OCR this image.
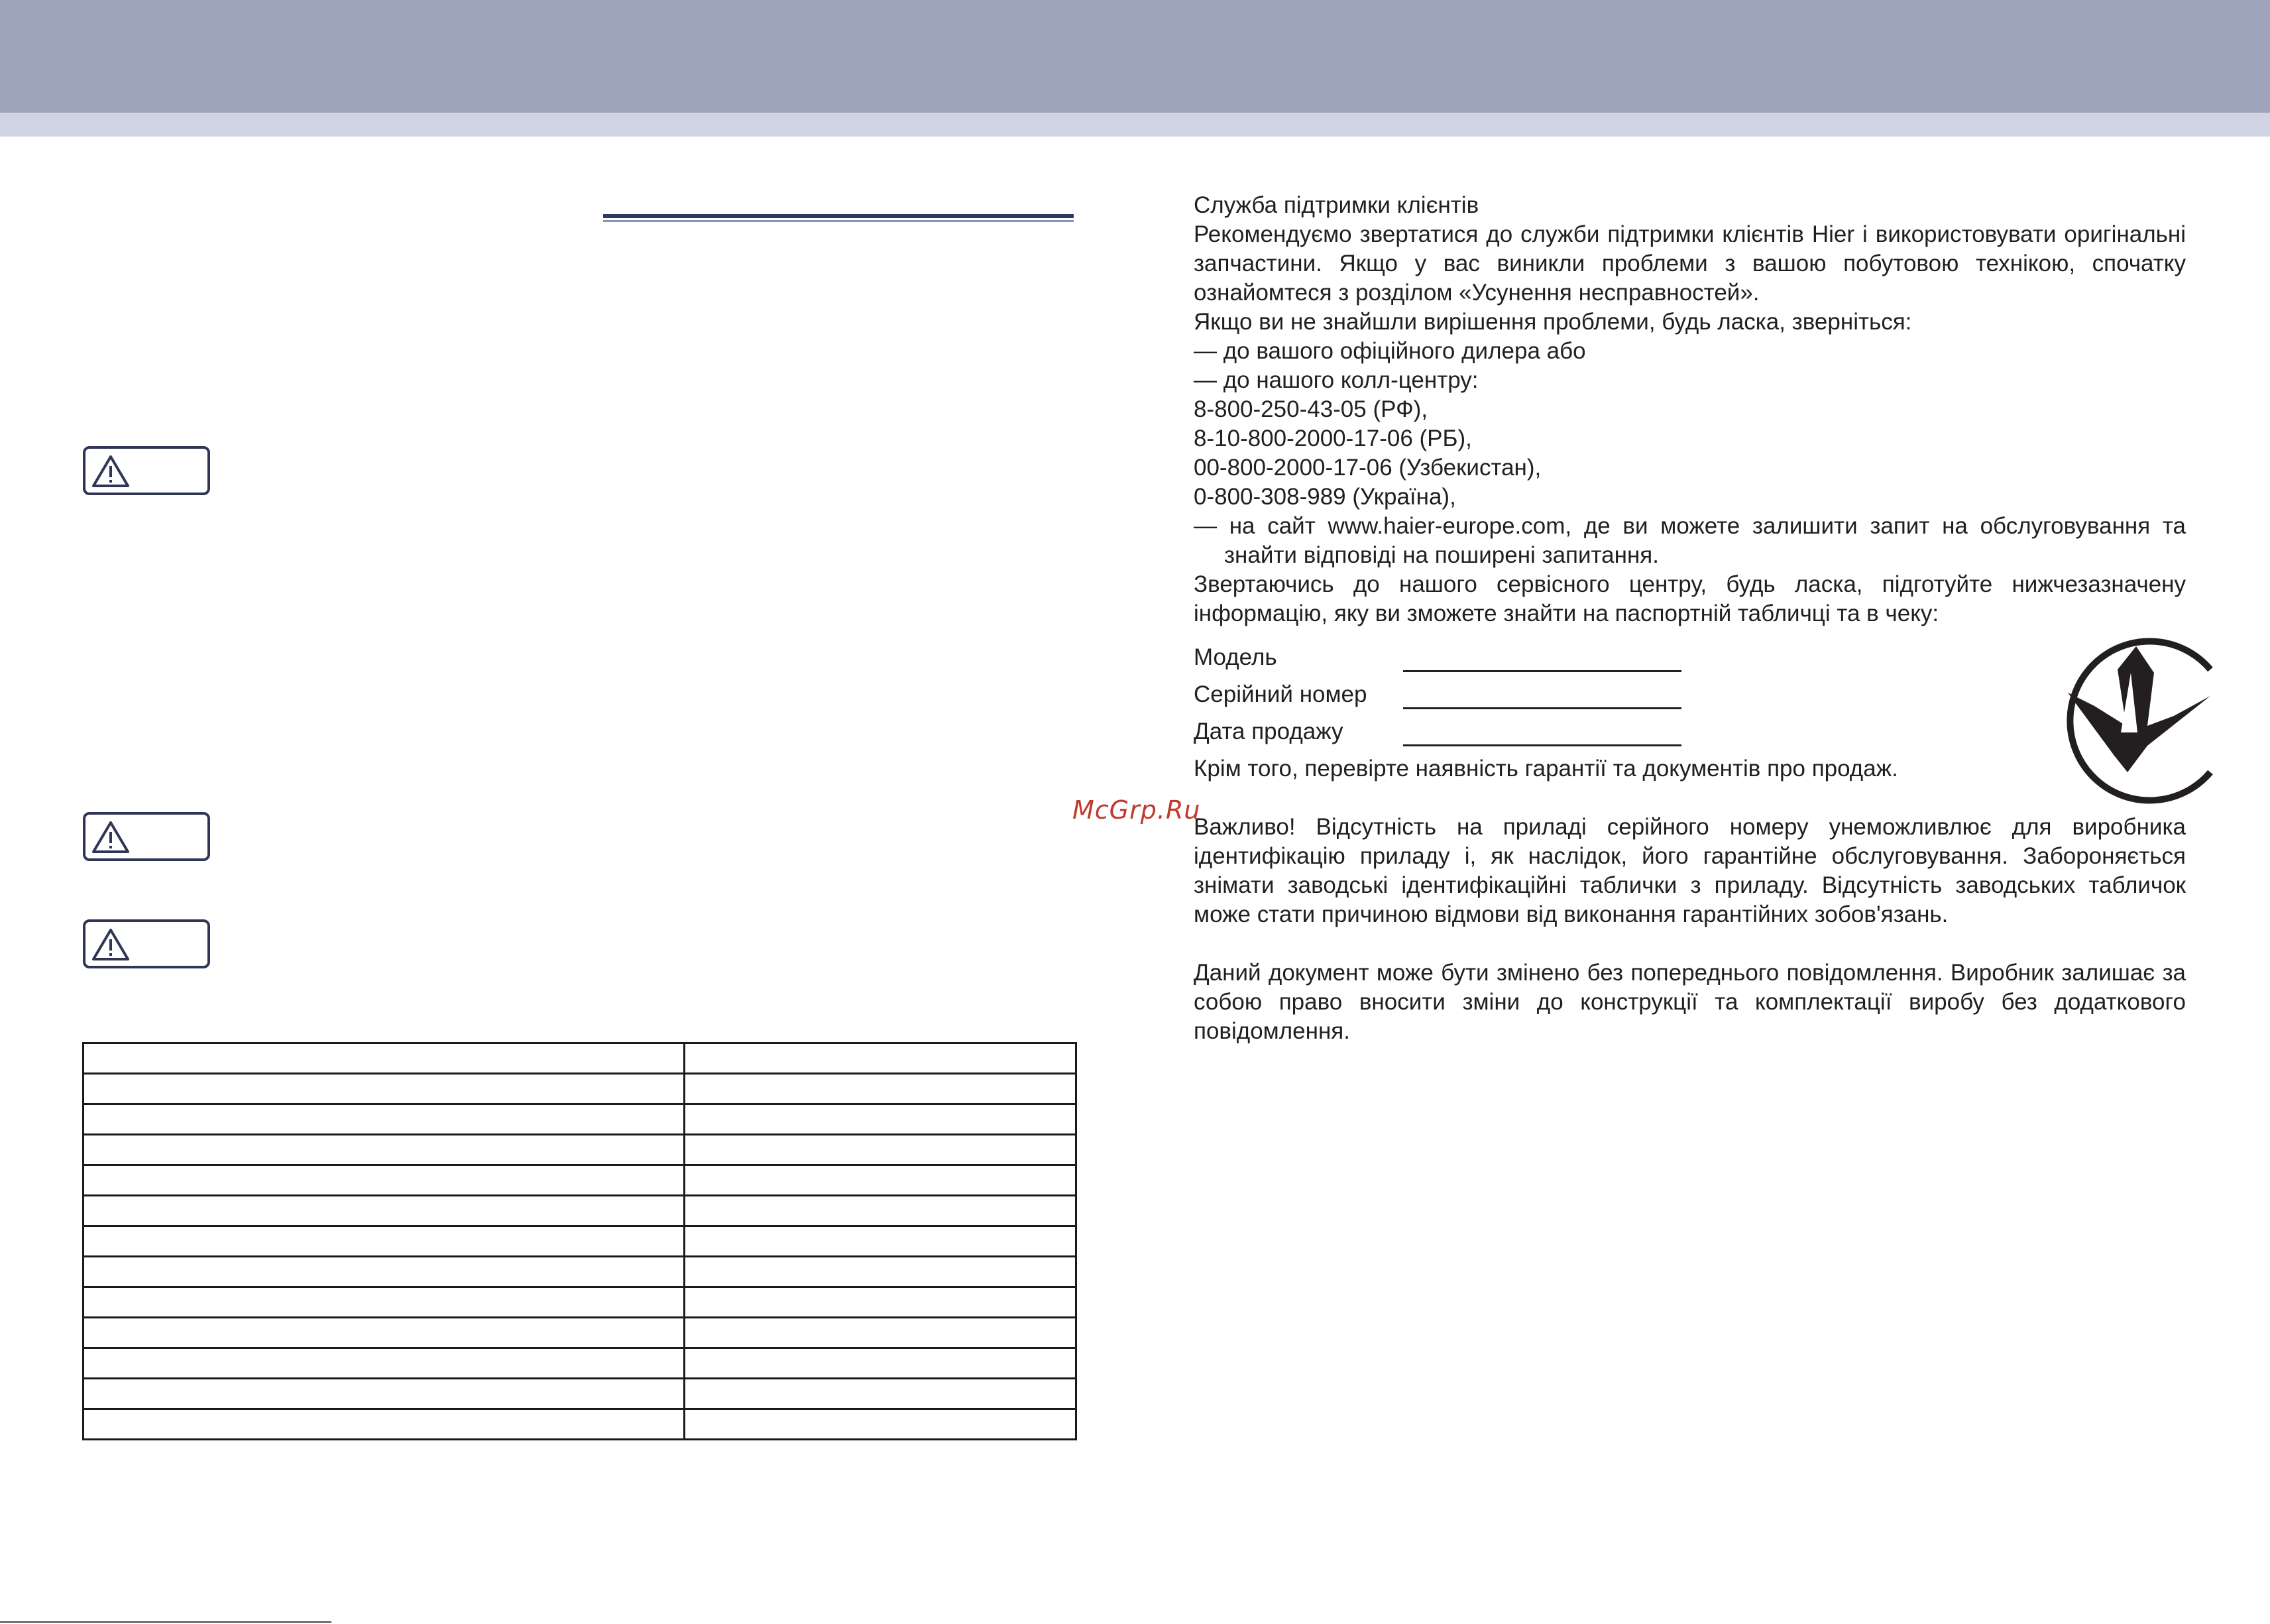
Служба підтримки клієнтів

Рекомендуємо звертатися до служби підтримки клієнтів Hier і використовувати оригінальні запчастини. Якщо у вас виникли проблеми з вашою побутовою технікою, спочатку ознайомтеся з розділом «Усунення несправностей».

Якщо ви не знайшли вирішення проблеми, будь ласка, зверніться:

— до вашого офіційного дилера або

— до нашого колл-центру:

8-800-250-43-05 (РФ),

8-10-800-2000-17-06 (РБ),

00-800-2000-17-06 (Узбекистан),

0-800-308-989 (Україна),

— на сайт www.haier-europe.com, де ви можете залишити запит на обслуговування та знайти відповіді на поширені запитання.

Звертаючись до нашого сервісного центру, будь ласка, підготуйте нижчезазначену інформацію, яку ви зможете знайти на паспортній табличці та в чеку:

Модель
Серійний номер
Дата продажу

Крім того, перевірте наявність гарантії та документів про продаж.

Важливо! Відсутність на приладі серійного номеру унеможливлює для виробника ідентифікацію приладу і, як наслідок, його гарантійне обслуговування. Забороняється знімати заводські ідентифікаційні таблички з приладу. Відсутність заводських табличок може стати причиною відмови від виконання гарантійних зобов'язань.

Даний документ може бути змінено без попереднього повідомлення. Виробник залишає за собою право вносити зміни до конструкції та комплектації виробу без додаткового повідомлення.

McGrp.Ru
